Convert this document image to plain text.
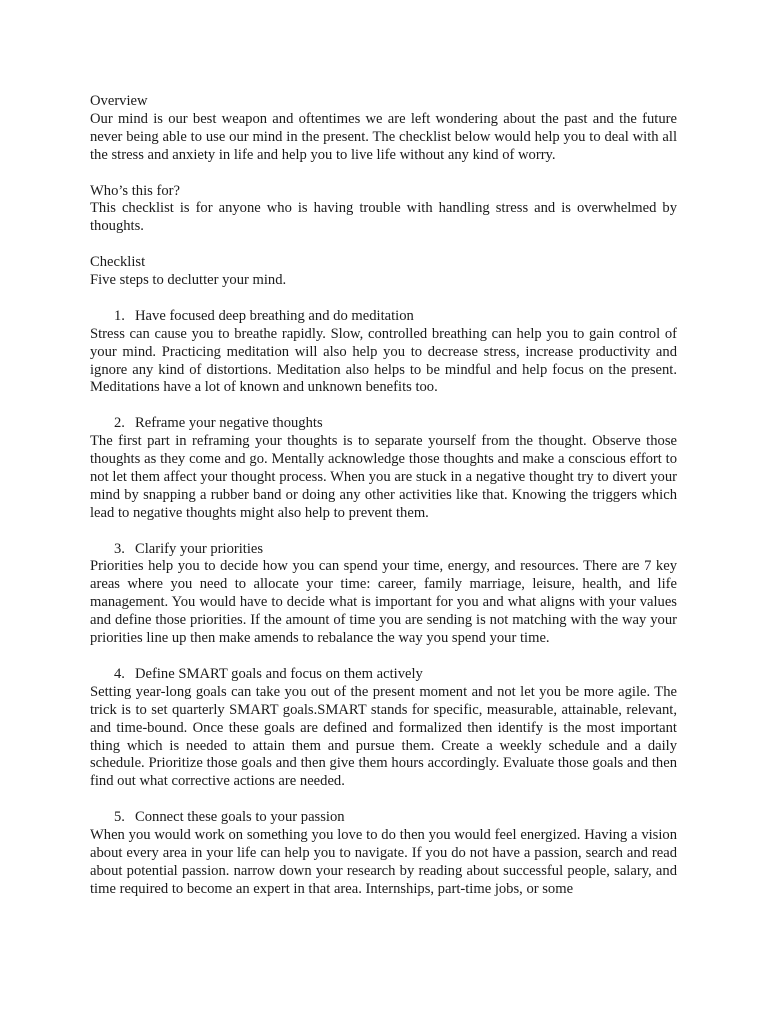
Overview
Our mind is our best weapon and oftentimes we are left wondering about the past and the future never being able to use our mind in the present. The checklist below would help you to deal with all the stress and anxiety in life and help you to live life without any kind of worry.
Who’s this for?
This checklist is for anyone who is having trouble with handling stress and is overwhelmed by thoughts.
Checklist
Five steps to declutter your mind.
1. Have focused deep breathing and do meditation
Stress can cause you to breathe rapidly. Slow, controlled breathing can help you to gain control of your mind. Practicing meditation will also help you to decrease stress, increase productivity and ignore any kind of distortions. Meditation also helps to be mindful and help focus on the present. Meditations have a lot of known and unknown benefits too.
2. Reframe your negative thoughts
The first part in reframing your thoughts is to separate yourself from the thought. Observe those thoughts as they come and go. Mentally acknowledge those thoughts and make a conscious effort to not let them affect your thought process. When you are stuck in a negative thought try to divert your mind by snapping a rubber band or doing any other activities like that. Knowing the triggers which lead to negative thoughts might also help to prevent them.
3. Clarify your priorities
Priorities help you to decide how you can spend your time, energy, and resources. There are 7 key areas where you need to allocate your time: career, family marriage, leisure, health, and life management. You would have to decide what is important for you and what aligns with your values and define those priorities. If the amount of time you are sending is not matching with the way your priorities line up then make amends to rebalance the way you spend your time.
4. Define SMART goals and focus on them actively
Setting year-long goals can take you out of the present moment and not let you be more agile. The trick is to set quarterly SMART goals.SMART stands for specific, measurable, attainable, relevant, and time-bound. Once these goals are defined and formalized then identify is the most important thing which is needed to attain them and pursue them. Create a weekly schedule and a daily schedule. Prioritize those goals and then give them hours accordingly. Evaluate those goals and then find out what corrective actions are needed.
5. Connect these goals to your passion
When you would work on something you love to do then you would feel energized. Having a vision about every area in your life can help you to navigate. If you do not have a passion, search and read about potential passion. narrow down your research by reading about successful people, salary, and time required to become an expert in that area. Internships, part-time jobs, or some
